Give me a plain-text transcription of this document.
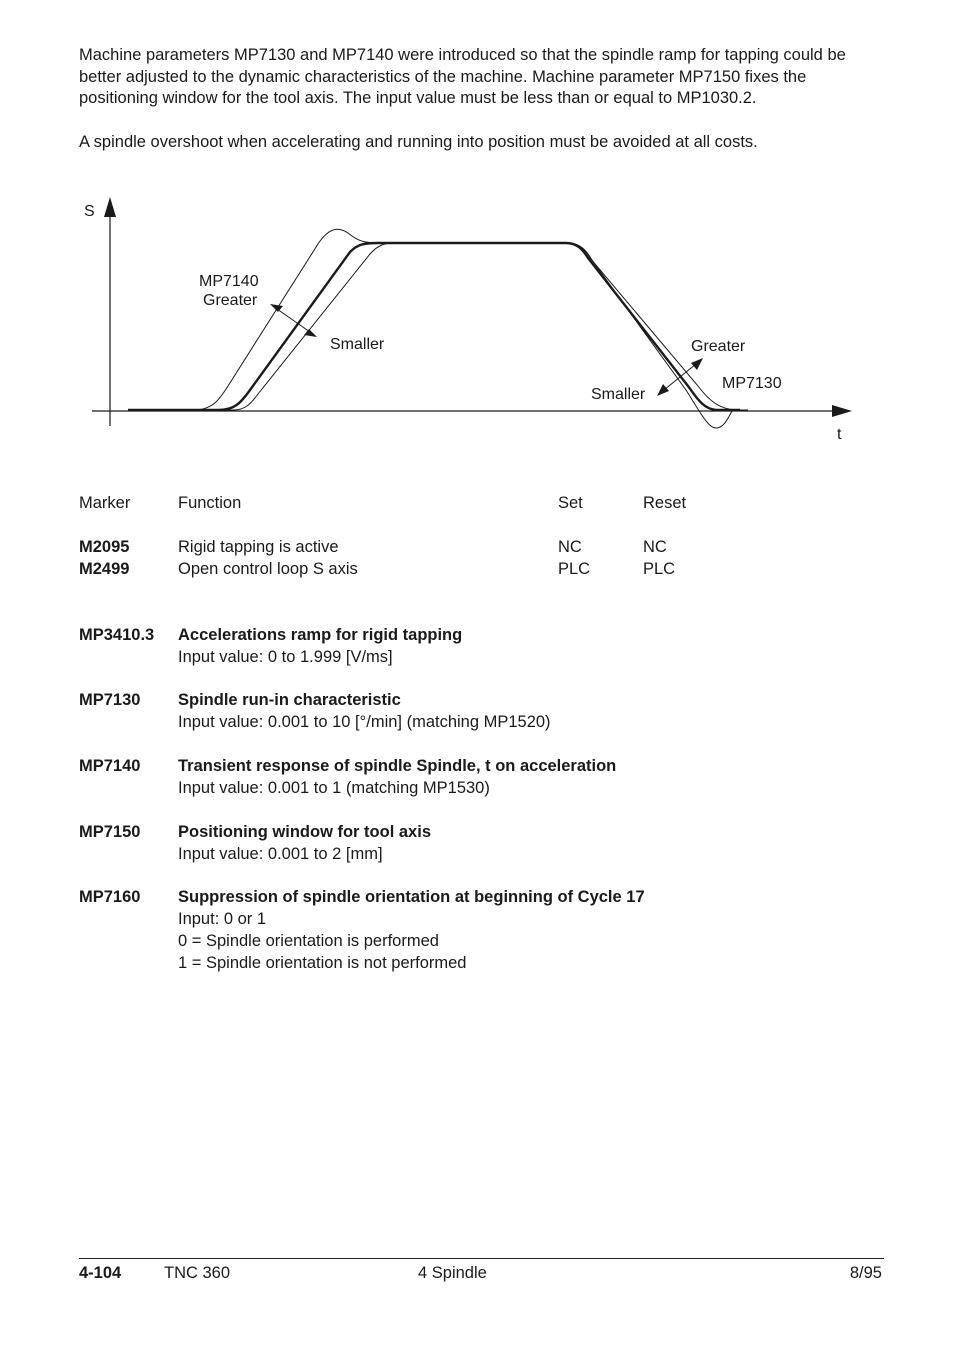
Machine parameters MP7130 and MP7140 were introduced so that the spindle ramp for tapping could be better adjusted to the dynamic characteristics of the machine. Machine parameter MP7150 fixes the positioning window for the tool axis. The input value must be less than or equal to MP1030.2.

A spindle overshoot when accelerating and running into position must be avoided at all costs.

S
t
MP7140
Greater
Smaller	Greater
MP7130
Smaller
Marker	Function	Set	Reset
M2095	Rigid tapping is active	NC	NC
M2499	Open control loop S axis	PLC	PLC
MP3410.3 Accelerations ramp for rigid tapping
Input value: 0 to 1.999 [V/ms]
MP7130 Spindle run-in characteristic
Input value: 0.001 to 10 [°/min] (matching MP1520)
MP7140 Transient response of spindle Spindle, t on acceleration
Input value: 0.001 to 1 (matching MP1530)
MP7150 Positioning window for tool axis
Input value: 0.001 to 2 [mm]
MP7160 Suppression of spindle orientation at beginning of Cycle 17
Input: 0 or 1
0 = Spindle orientation is performed
1 = Spindle orientation is not performed
4-104	TNC 360	4 Spindle	8/95
